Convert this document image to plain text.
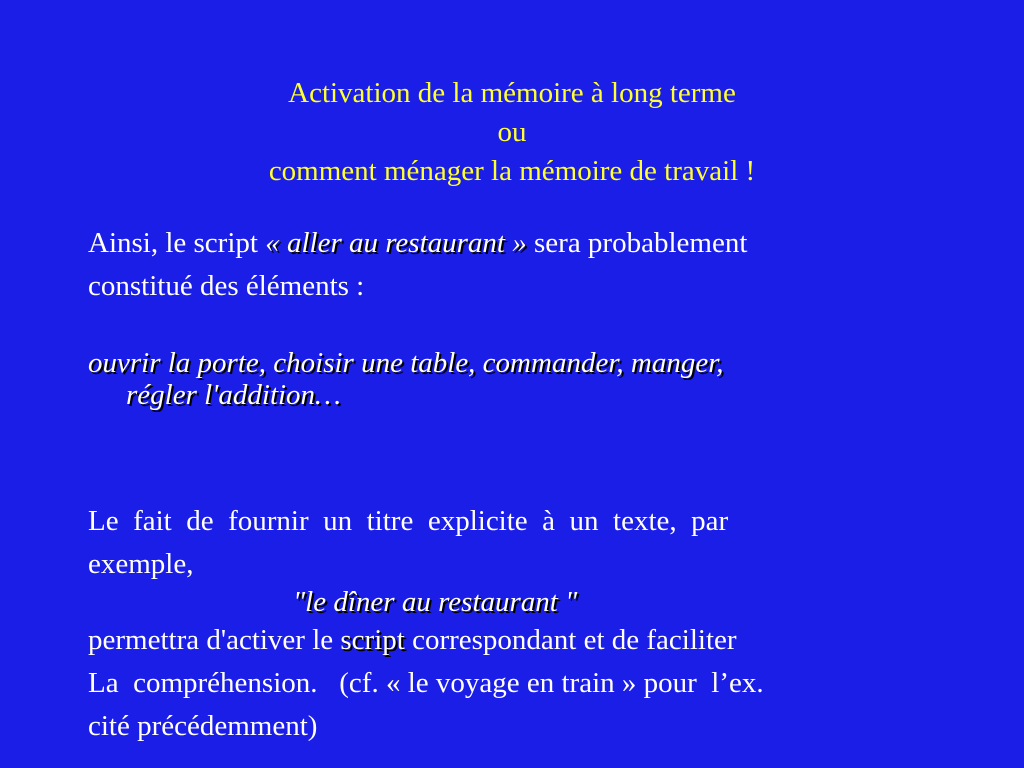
Activation de la mémoire à long terme
ou
comment ménager la mémoire de travail !
Ainsi, le script « aller au restaurant » sera probablement
constitué des éléments :
ouvrir la porte, choisir une table, commander, manger,
régler l'addition…
Le  fait  de  fournir  un  titre  explicite  à  un  texte,  par
exemple,
"le dîner au restaurant "
permettra d'activer le script correspondant et de faciliter
La  compréhension.   (cf. « le voyage en train » pour  l’ex.
cité précédemment)
